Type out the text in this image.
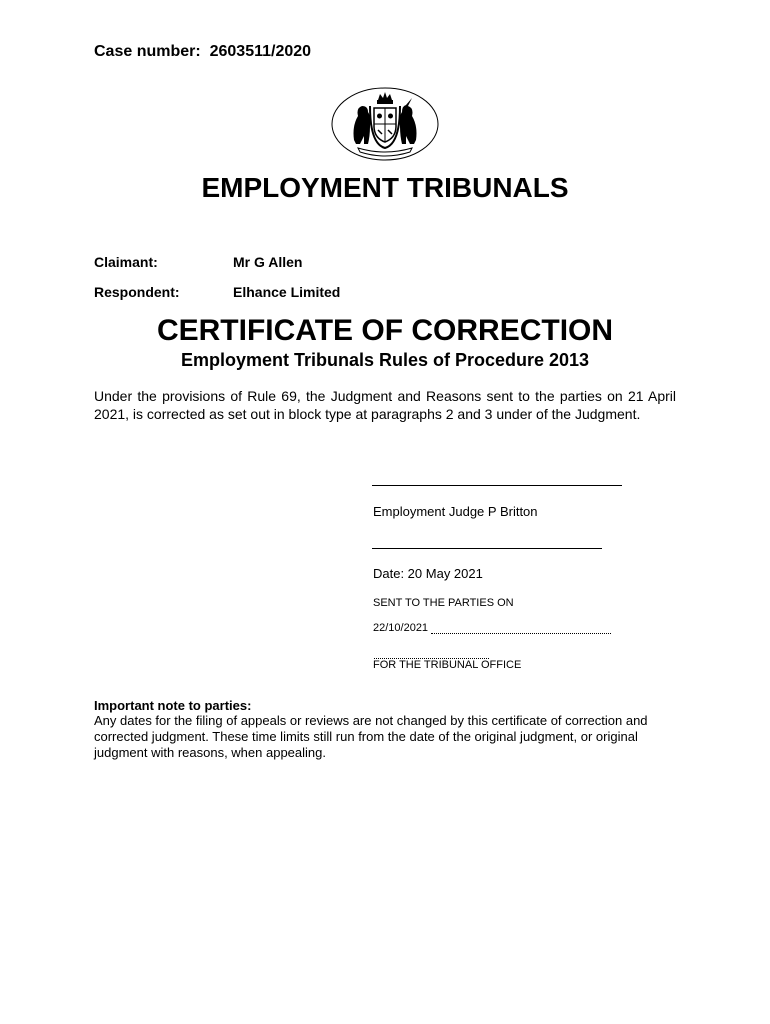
Case number: 2603511/2020
EMPLOYMENT TRIBUNALS
Claimant:	Mr G Allen
Respondent:	Elhance Limited
CERTIFICATE OF CORRECTION
Employment Tribunals Rules of Procedure 2013
Under the provisions of Rule 69, the Judgment and Reasons sent to the parties on 21 April 2021, is corrected as set out in block type at paragraphs 2 and 3 under of the Judgment.
Employment Judge P Britton
Date: 20 May 2021
SENT TO THE PARTIES ON
22/10/2021
FOR THE TRIBUNAL OFFICE
Important note to parties:
Any dates for the filing of appeals or reviews are not changed by this certificate of correction and corrected judgment. These time limits still run from the date of the original judgment, or original judgment with reasons, when appealing.
